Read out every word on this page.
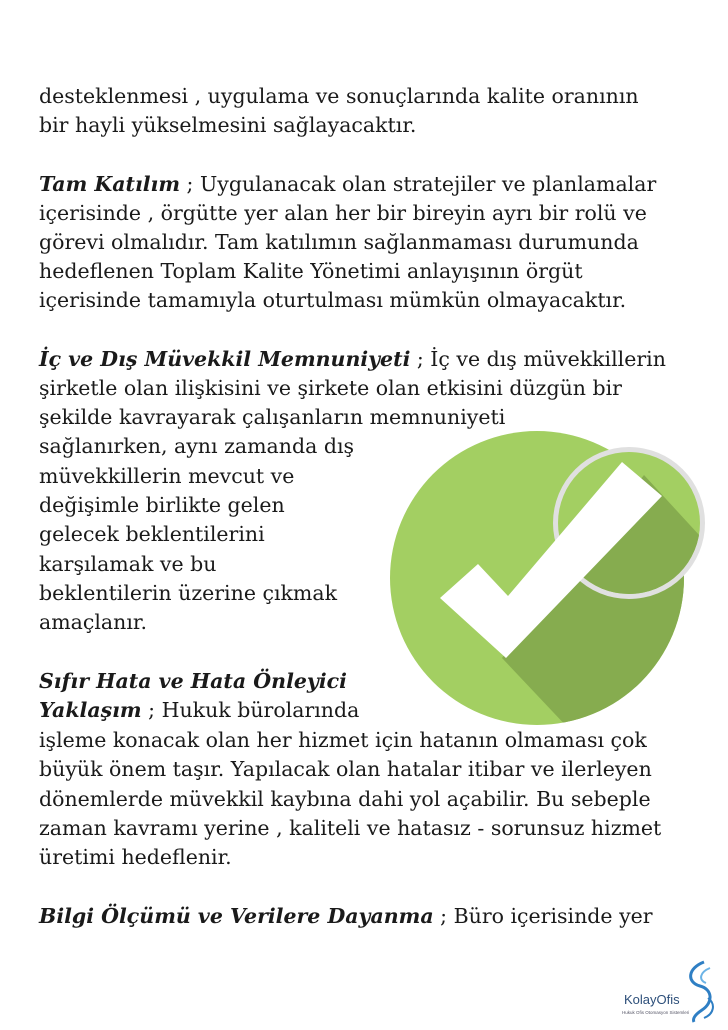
desteklenmesi , uygulama ve sonuçlarında kalite oranının
bir hayli yükselmesini sağlayacaktır.
Tam Katılım ; Uygulanacak olan stratejiler ve planlamalar
içerisinde , örgütte yer alan her bir bireyin ayrı bir rolü ve
görevi olmalıdır. Tam katılımın sağlanmaması durumunda
hedeflenen Toplam Kalite Yönetimi anlayışının örgüt
içerisinde tamamıyla oturtulması mümkün olmayacaktır.
İç ve Dış Müvekkil Memnuniyeti ; İç ve dış müvekkillerin
şirketle olan ilişkisini ve şirkete olan etkisini düzgün bir
şekilde kavrayarak çalışanların memnuniyeti
sağlanırken, aynı zamanda dış
müvekkillerin mevcut ve
değişimle birlikte gelen
gelecek beklentilerini
karşılamak ve bu
beklentilerin üzerine çıkmak
amaçlanır.
Sıfır Hata ve Hata Önleyici
Yaklaşım ; Hukuk bürolarında
işleme konacak olan her hizmet için hatanın olmaması çok
büyük önem taşır. Yapılacak olan hatalar itibar ve ilerleyen
dönemlerde müvekkil kaybına dahi yol açabilir. Bu sebeple
zaman kavramı yerine , kaliteli ve hatasız - sorunsuz hizmet
üretimi hedeflenir.
Bilgi Ölçümü ve Verilere Dayanma ; Büro içerisinde yer
KolayOfis
Hukuk Ofis Otomasyon Sistemleri
